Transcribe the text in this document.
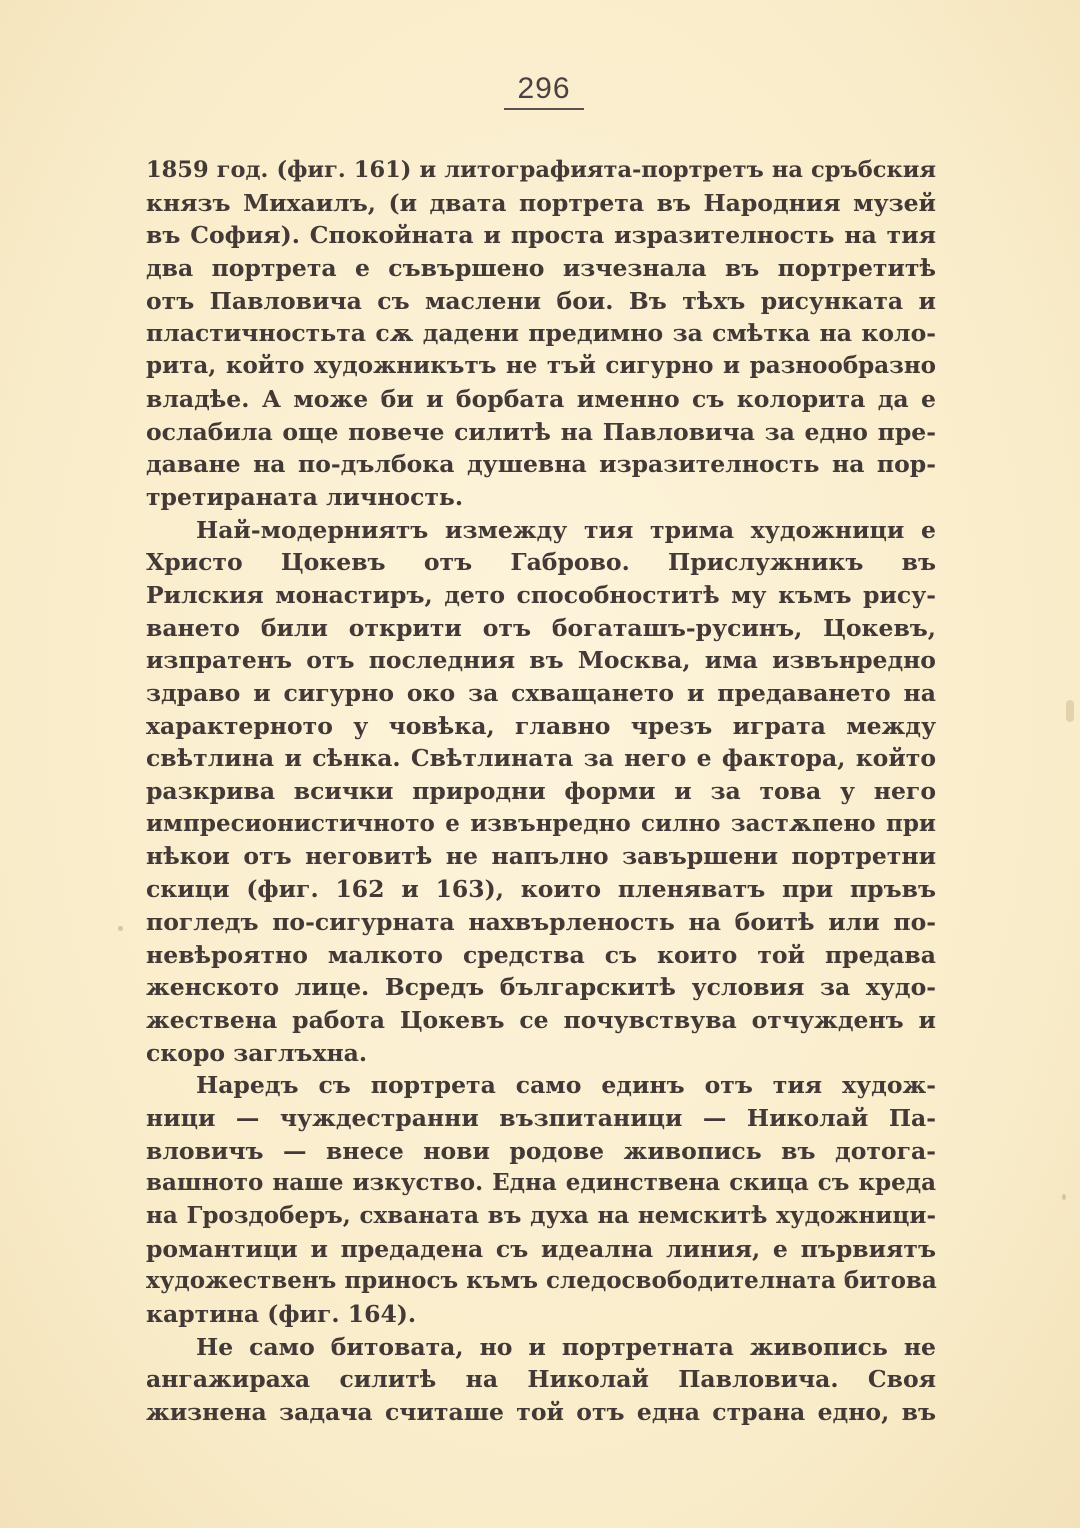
296
1859 год. (фиг. 161) и литографията-портретъ на сръбския
князъ Михаилъ, (и двата портрета въ Народния музей
въ София). Спокойната и проста изразителность на тия
два портрета е съвършено изчезнала въ портретитѣ
отъ Павловича съ маслени бои. Въ тѣхъ рисунката и
пластичностьта сѫ дадени предимно за смѣтка на коло-
рита, който художникътъ не тъй сигурно и разнообразно
владѣе. А може би и борбата именно съ колорита да е
ослабила още повече силитѣ на Павловича за едно пре-
даване на по-дълбока душевна изразителность на пор-
третираната личность.
Най-модерниятъ измежду тия трима художници е
Христо Цокевъ отъ Габрово. Прислужникъ въ
Рилския монастиръ, дето способноститѣ му къмъ рису-
ването били открити отъ богаташъ-русинъ, Цокевъ,
изпратенъ отъ последния въ Москва, има извънредно
здраво и сигурно око за схващането и предаването на
характерното у човѣка, главно чрезъ играта между
свѣтлина и сѣнка. Свѣтлината за него е фактора, който
разкрива всички природни форми и за това у него
импресионистичното е извънредно силно застѫпено при
нѣкои отъ неговитѣ не напълно завършени портретни
скици (фиг. 162 и 163), които пленяватъ при пръвъ
погледъ по-сигурната нахвърленость на боитѣ или по-
невѣроятно малкото средства съ които той предава
женското лице. Всредъ българскитѣ условия за худо-
жествена работа Цокевъ се почувствува отчужденъ и
скоро заглъхна.
Наредъ съ портрета само единъ отъ тия худож-
ници — чуждестранни възпитаници — Николай Па-
вловичъ — внесе нови родове живопись въ дотога-
вашното наше изкуство. Една единствена скица съ креда
на Гроздоберъ, схваната въ духа на немскитѣ художници-
романтици и предадена съ идеална линия, е първиятъ
художественъ приносъ къмъ следосвободителната битова
картина (фиг. 164).
Не само битовата, но и портретната живопись не
ангажираха силитѣ на Николай Павловича. Своя
жизнена задача считаше той отъ една страна едно, въ
